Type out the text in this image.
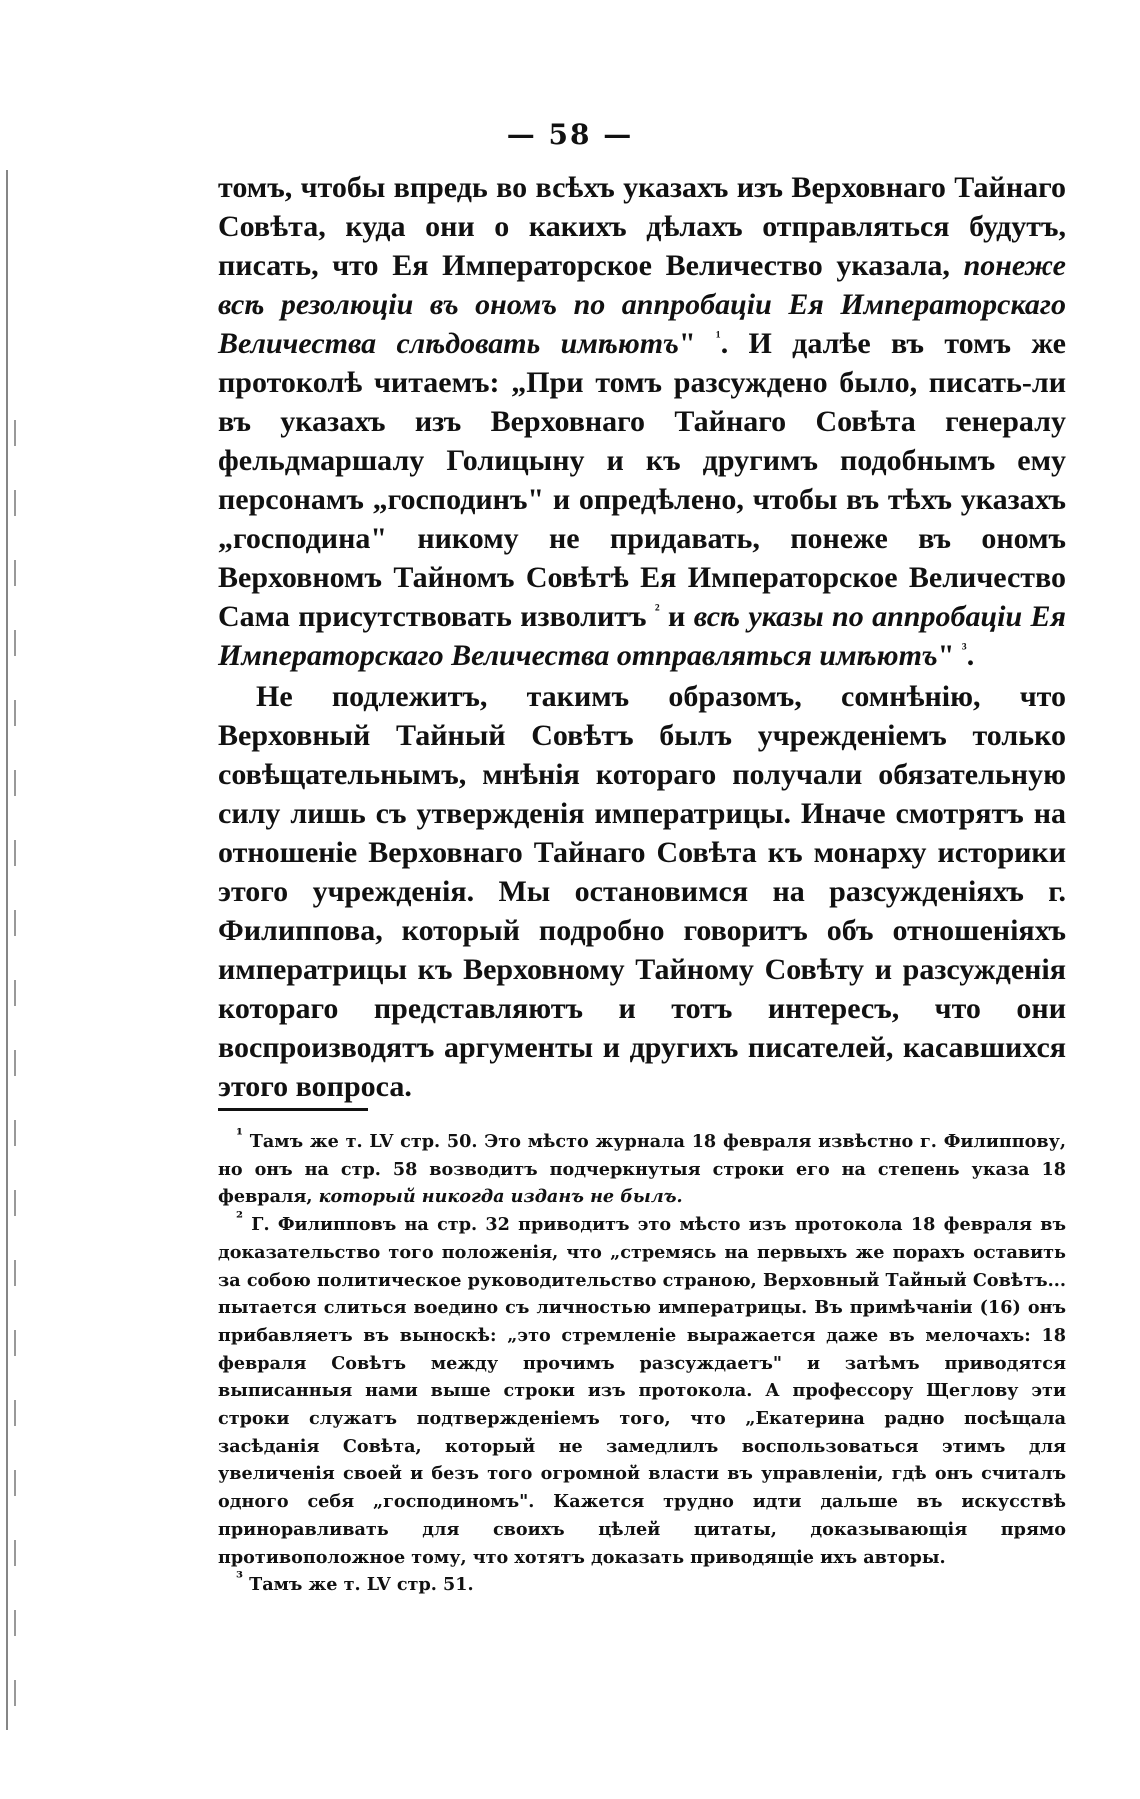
— 58 —

томъ, чтобы впредь во всѣхъ указахъ изъ Верховнаго Тайнаго Совѣта, куда они о какихъ дѣлахъ отправляться будутъ, писать, что Ея Императорское Величество указала, понеже всѣ резолюціи въ ономъ по аппробаціи Ея Императорскаго Величества слѣдовать имѣютъ" $^{^1}$. И далѣе въ томъ же протоколѣ читаемъ: „При томъ разсуждено было, писать-ли въ указахъ изъ Верховнаго Тайнаго Совѣта генералу фельдмаршалу Голицыну и къ другимъ подобнымъ ему персонамъ „господинъ" и опредѣлено, чтобы въ тѣхъ указахъ „господина" никому не придавать, понеже въ ономъ Верховномъ Тайномъ Совѣтѣ Ея Императорское Величество Сама присутствовать изволитъ $^{^2}$ и всѣ указы по аппробаціи Ея Императорскаго Величества отправляться имѣютъ" $^{^3}$.

Не подлежитъ, такимъ образомъ, сомнѣнію, что Верховный Тайный Совѣтъ былъ учрежденіемъ только совѣщательнымъ, мнѣнія котораго получали обязательную силу лишь съ утвержденія императрицы. Иначе смотрятъ на отношеніе Верховнаго Тайнаго Совѣта къ монарху историки этого учрежденія. Мы остановимся на разсужденіяхъ г. Филиппова, который подробно говоритъ объ отношеніяхъ императрицы къ Верховному Тайному Совѣту и разсужденія котораго представляютъ и тотъ интересъ, что они воспроизводятъ аргументы и другихъ писателей, касавшихся этого вопроса.

$^{^1}$ Тамъ же т. LV стр. 50. Это мѣсто журнала 18 февраля извѣстно г. Филиппову, но онъ на стр. 58 возводитъ подчеркнутыя строки его на степень указа 18 февраля, который никогда изданъ не былъ.

$^{^2}$ Г. Филипповъ на стр. 32 приводитъ это мѣсто изъ протокола 18 февраля въ доказательство того положенія, что „стремясь на первыхъ же порахъ оставить за собою политическое руководительство страною, Верховный Тайный Совѣтъ... пытается слиться воедино съ личностью императрицы. Въ примѣчаніи (16) онъ прибавляетъ въ выноскѣ: „это стремленіе выражается даже въ мелочахъ: 18 февраля Совѣтъ между прочимъ разсуждаетъ" и затѣмъ приводятся выписанныя нами выше строки изъ протокола. А профессору Щеглову эти строки служатъ подтвержденіемъ того, что „Екатерина радно посѣщала засѣданія Совѣта, который не замедлилъ воспользоваться этимъ для увеличенія своей и безъ того огромной власти въ управленіи, гдѣ онъ считалъ одного себя „господиномъ". Кажется трудно идти дальше въ искусствѣ приноравливать для своихъ цѣлей цитаты, доказывающія прямо противоположное тому, что хотятъ доказать приводящіе ихъ авторы.

$^{^3}$ Тамъ же т. LV стр. 51.
